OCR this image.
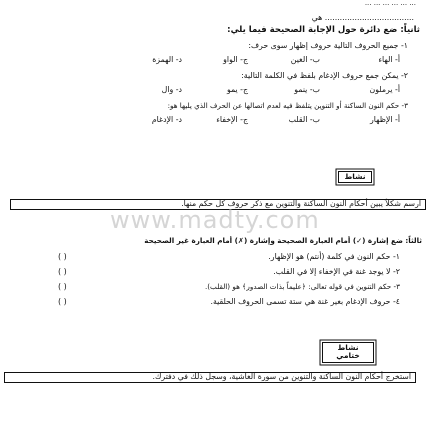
... ... ... ... ... ...
.................................... هي
ثانياً: ضع دائرة حول الإجابة الصحيحة فيما يلي:
١- جميع الحروف التالية حروف إظهار سوى حرف:
أ- الهاء
ب- الغين
ج- الواو
د- الهمزة
٢- يمكن جمع حروف الإدغام بلفظ في الكلمة التالية:
أ- يرملون
ب- ينمو
ج- يمو
د- وال
٣- حكم النون الساكنة أو التنوين يتلفظ فيه لعدم اتصالها عن الحرف الذي يليها هو:
أ- الإظهار
ب- القلب
ج- الإخفاء
د- الإدغام
نشاط
ارسم شكلاً يبين أحكام النون الساكنة والتنوين مع ذكر حروف كل حكم منها.
www.madty.com
ثالثاً: ضع إشارة (✓) أمام العبارة الصحيحة وإشارة (✗) أمام العبارة غير الصحيحة
١- حكم النون في كلمة (أنتم) هو الإظهار.
( )
٢- لا يوجد غنة في الإخفاء إلا في القلب.
( )
٣- حكم التنوين في قوله تعالى: ﴿عليماً بذات الصدور﴾ هو (القلب).
( )
٤- حروف الإدغام بغير غنة هي ستة تسمى الحروف الحلقية.
( )
نشاط ختامي
استخرج أحكام النون الساكنة والتنوين من سورة الغاشية، وسجل ذلك في دفترك.
